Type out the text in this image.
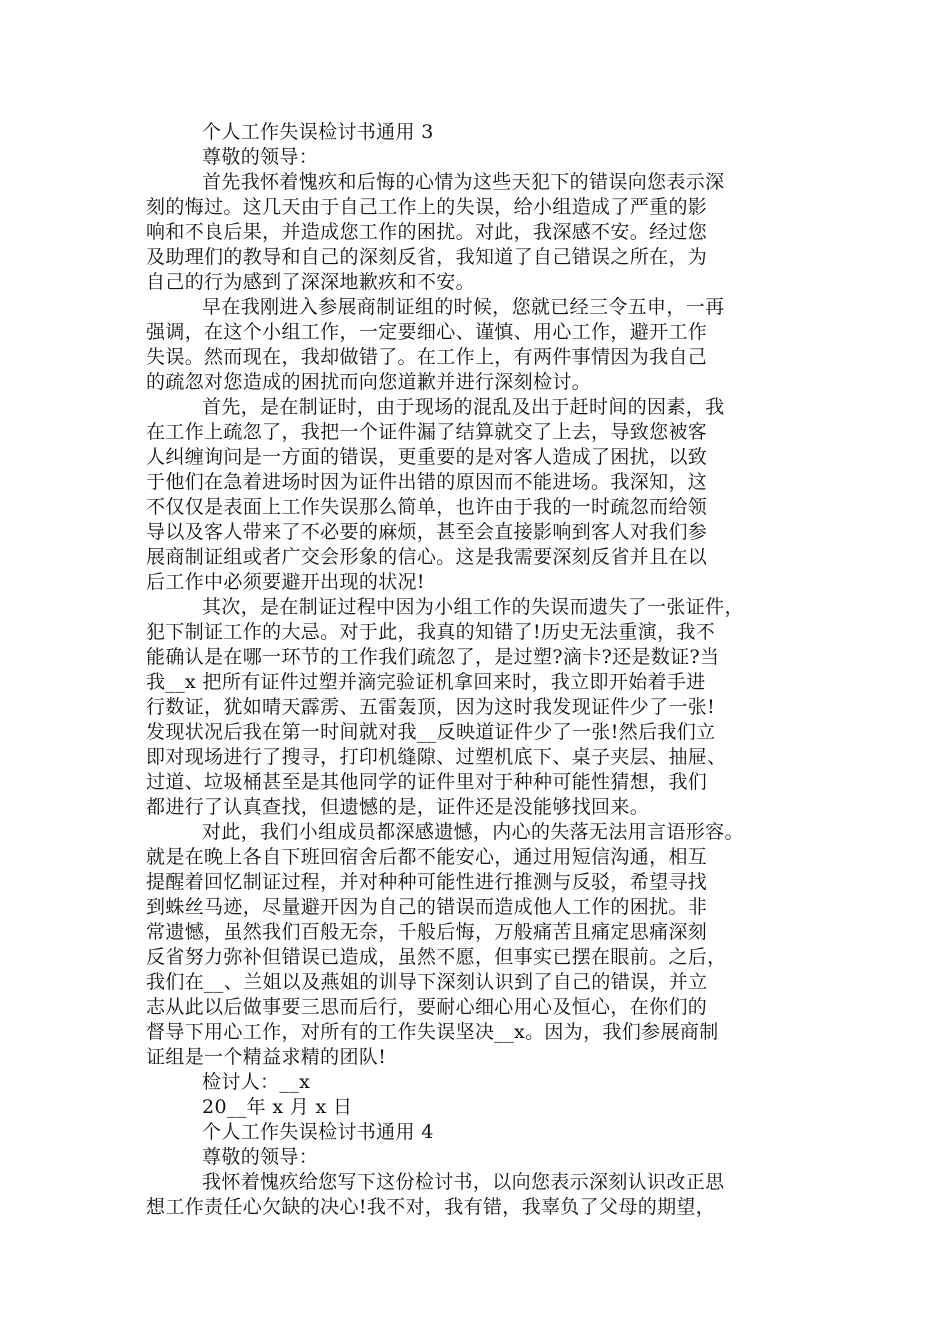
个人工作失误检讨书通用 3
尊敬的领导：
首先我怀着愧疚和后悔的心情为这些天犯下的错误向您表示深
刻的悔过。这几天由于自己工作上的失误，给小组造成了严重的影
响和不良后果，并造成您工作的困扰。对此，我深感不安。经过您
及助理们的教导和自己的深刻反省，我知道了自己错误之所在，为
自己的行为感到了深深地歉疚和不安。
早在我刚进入参展商制证组的时候，您就已经三令五申，一再
强调，在这个小组工作，一定要细心、谨慎、用心工作，避开工作
失误。然而现在，我却做错了。在工作上，有两件事情因为我自己
的疏忽对您造成的困扰而向您道歉并进行深刻检讨。
首先，是在制证时，由于现场的混乱及出于赶时间的因素，我
在工作上疏忽了，我把一个证件漏了结算就交了上去，导致您被客
人纠缠询问是一方面的错误，更重要的是对客人造成了困扰，以致
于他们在急着进场时因为证件出错的原因而不能进场。我深知，这
不仅仅是表面上工作失误那么简单，也许由于我的一时疏忽而给领
导以及客人带来了不必要的麻烦，甚至会直接影响到客人对我们参
展商制证组或者广交会形象的信心。这是我需要深刻反省并且在以
后工作中必须要避开出现的状况!
其次，是在制证过程中因为小组工作的失误而遗失了一张证件，
犯下制证工作的大忌。对于此，我真的知错了!历史无法重演，我不
能确认是在哪一环节的工作我们疏忽了，是过塑?滴卡?还是数证?当
我__x 把所有证件过塑并滴完验证机拿回来时，我立即开始着手进
行数证，犹如晴天霹雳、五雷轰顶，因为这时我发现证件少了一张!
发现状况后我在第一时间就对我__反映道证件少了一张!然后我们立
即对现场进行了搜寻，打印机缝隙、过塑机底下、桌子夹层、抽屉、
过道、垃圾桶甚至是其他同学的证件里对于种种可能性猜想，我们
都进行了认真查找，但遗憾的是，证件还是没能够找回来。
对此，我们小组成员都深感遗憾，内心的失落无法用言语形容。
就是在晚上各自下班回宿舍后都不能安心，通过用短信沟通，相互
提醒着回忆制证过程，并对种种可能性进行推测与反驳，希望寻找
到蛛丝马迹，尽量避开因为自己的错误而造成他人工作的困扰。非
常遗憾，虽然我们百般无奈，千般后悔，万般痛苦且痛定思痛深刻
反省努力弥补但错误已造成，虽然不愿，但事实已摆在眼前。之后，
我们在__、兰姐以及燕姐的训导下深刻认识到了自己的错误，并立
志从此以后做事要三思而后行，要耐心细心用心及恒心，在你们的
督导下用心工作，对所有的工作失误坚决__x。因为，我们参展商制
证组是一个精益求精的团队!
检讨人：__x
20__年 x 月 x 日
个人工作失误检讨书通用 4
尊敬的领导：
我怀着愧疚给您写下这份检讨书，以向您表示深刻认识改正思
想工作责任心欠缺的决心!我不对，我有错，我辜负了父母的期望，
